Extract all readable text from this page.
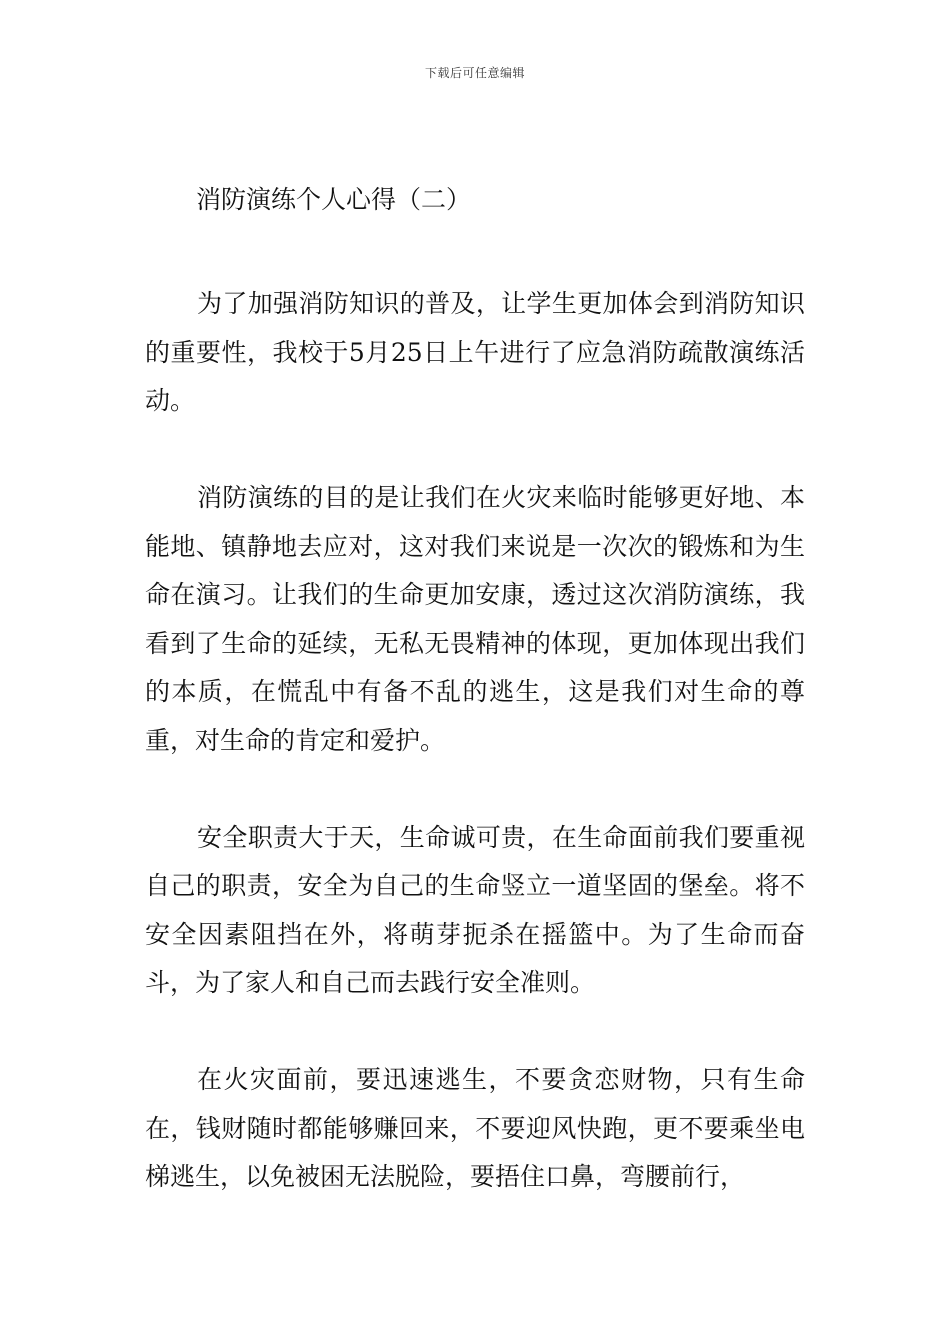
下载后可任意编辑
消防演练个人心得（二）

为了加强消防知识的普及，让学生更加体会到消防知识的重要性，我校于5月25日上午进行了应急消防疏散演练活动。

消防演练的目的是让我们在火灾来临时能够更好地、本能地、镇静地去应对，这对我们来说是一次次的锻炼和为生命在演习。让我们的生命更加安康，透过这次消防演练，我看到了生命的延续，无私无畏精神的体现，更加体现出我们的本质，在慌乱中有备不乱的逃生，这是我们对生命的尊重，对生命的肯定和爱护。

安全职责大于天，生命诚可贵，在生命面前我们要重视自己的职责，安全为自己的生命竖立一道坚固的堡垒。将不安全因素阻挡在外，将萌芽扼杀在摇篮中。为了生命而奋斗，为了家人和自己而去践行安全准则。

在火灾面前，要迅速逃生，不要贪恋财物，只有生命在，钱财随时都能够赚回来，不要迎风快跑，更不要乘坐电梯逃生，以免被困无法脱险，要捂住口鼻，弯腰前行，
